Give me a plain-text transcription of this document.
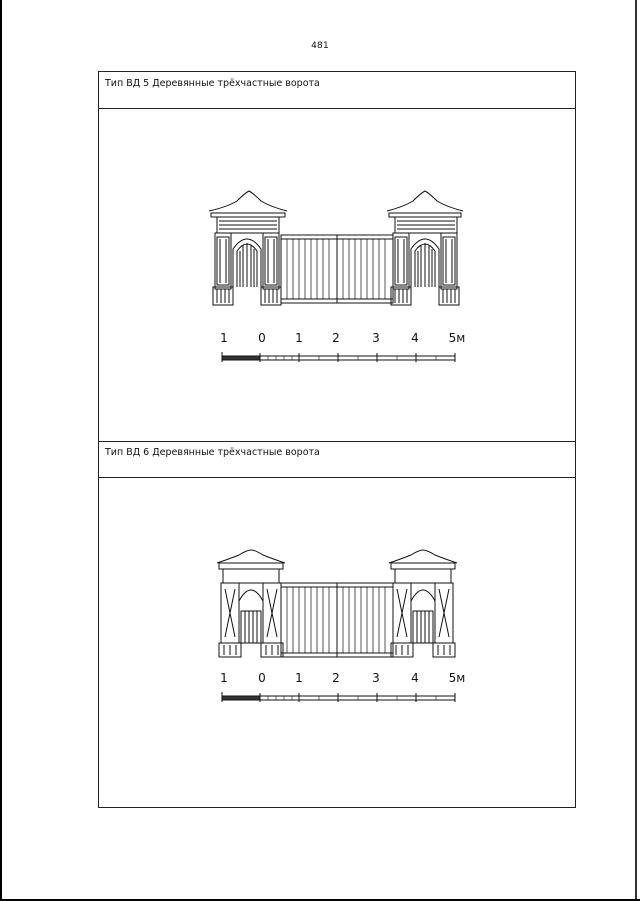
481
Тип ВД 5 Деревянные трёхчастные ворота
1	0 1 2	3	4 5м
Тип ВД 6 Деревянные трёхчастные ворота
1	0 1 2	3	4 5м
